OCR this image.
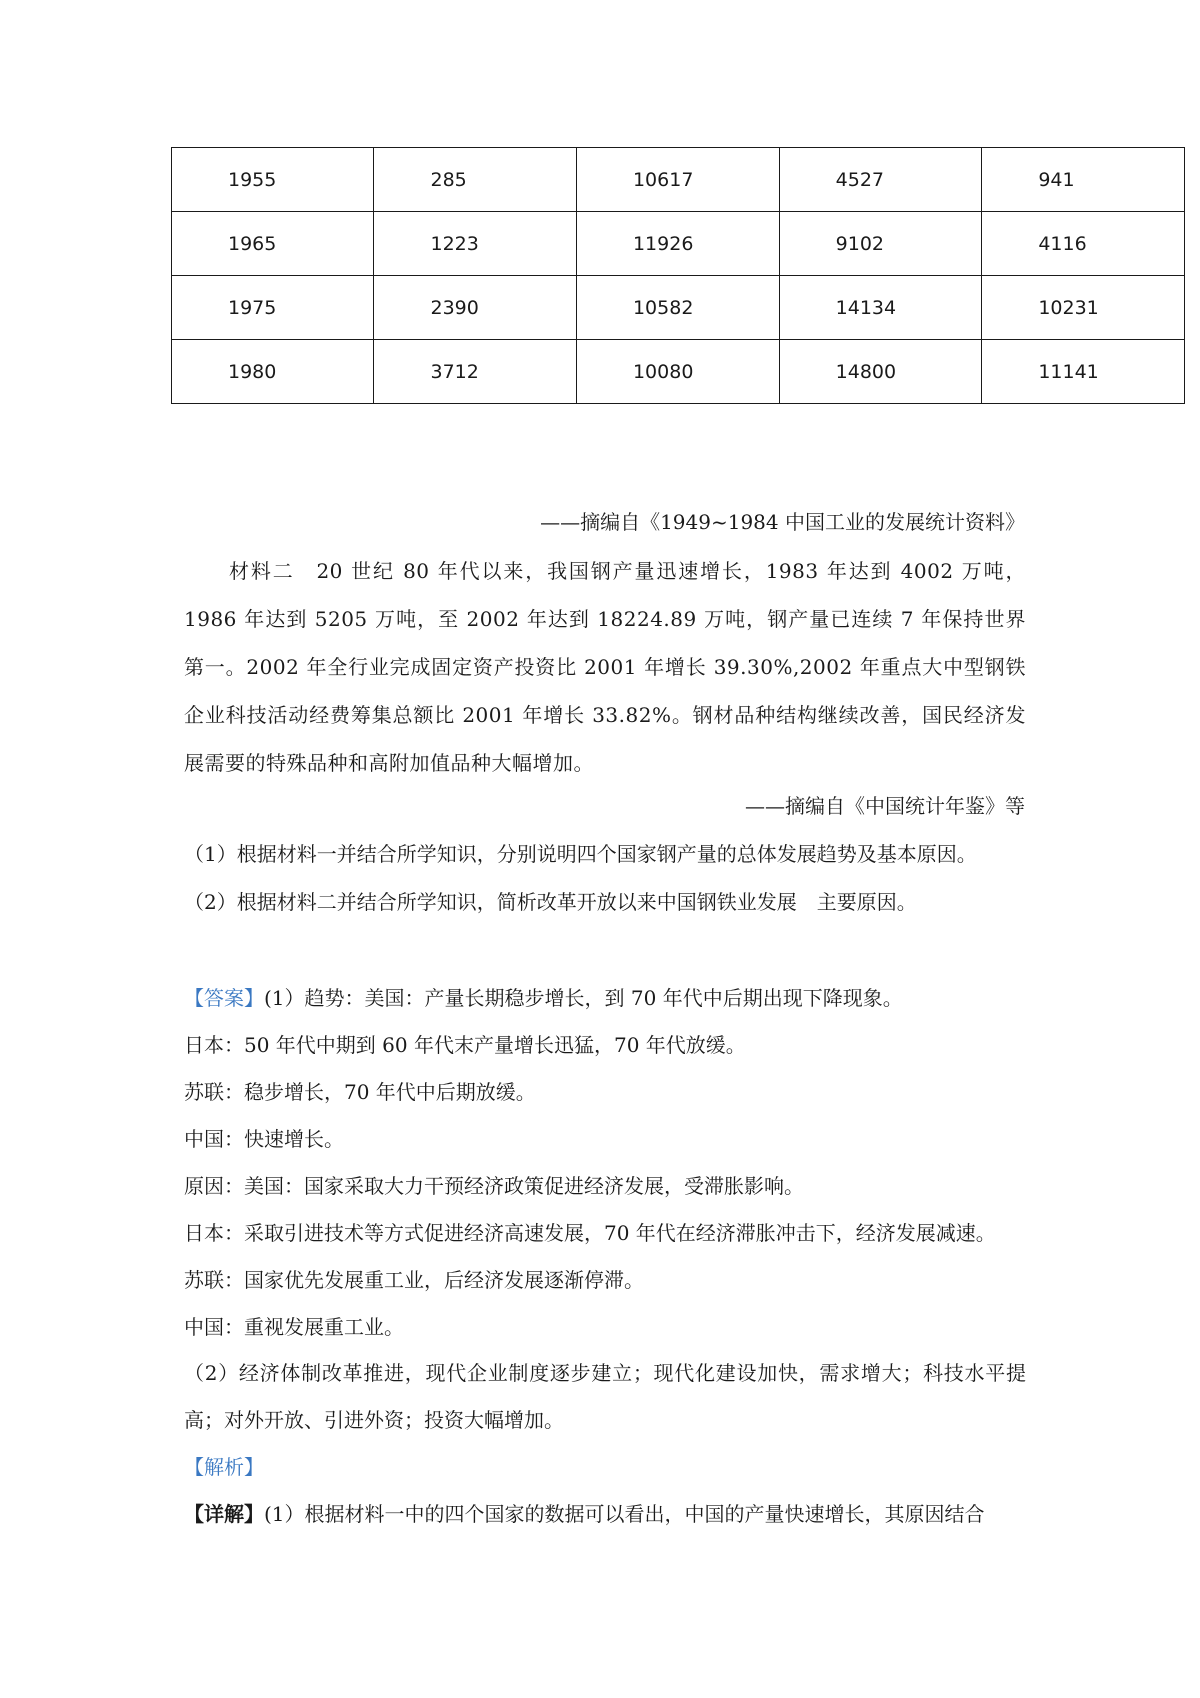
1955	285	10617	4527	941
1965	1223	11926	9102	4116
1975	2390	10582	14134	10231
1980	3712	10080	14800	11141
——摘编自《1949~1984 中国工业的发展统计资料》
材料二　20 世纪 80 年代以来，我国钢产量迅速增长，1983 年达到 4002 万吨，1986 年达到 5205 万吨，至 2002 年达到 18224.89 万吨，钢产量已连续 7 年保持世界第一。2002 年全行业完成固定资产投资比 2001 年增长 39.30%,2002 年重点大中型钢铁企业科技活动经费筹集总额比 2001 年增长 33.82%。钢材品种结构继续改善，国民经济发展需要的特殊品种和高附加值品种大幅增加。
——摘编自《中国统计年鉴》等
（1）根据材料一并结合所学知识，分别说明四个国家钢产量的总体发展趋势及基本原因。
（2）根据材料二并结合所学知识，简析改革开放以来中国钢铁业发展　主要原因。
【答案】(1）趋势：美国：产量长期稳步增长，到 70 年代中后期出现下降现象。
日本：50 年代中期到 60 年代末产量增长迅猛，70 年代放缓。
苏联：稳步增长，70 年代中后期放缓。
中国：快速增长。
原因：美国：国家采取大力干预经济政策促进经济发展，受滞胀影响。
日本：采取引进技术等方式促进经济高速发展，70 年代在经济滞胀冲击下，经济发展减速。
苏联：国家优先发展重工业，后经济发展逐渐停滞。
中国：重视发展重工业。
（2）经济体制改革推进，现代企业制度逐步建立；现代化建设加快，需求增大；科技水平提高；对外开放、引进外资；投资大幅增加。
【解析】
【详解】(1）根据材料一中的四个国家的数据可以看出，中国的产量快速增长，其原因结合
